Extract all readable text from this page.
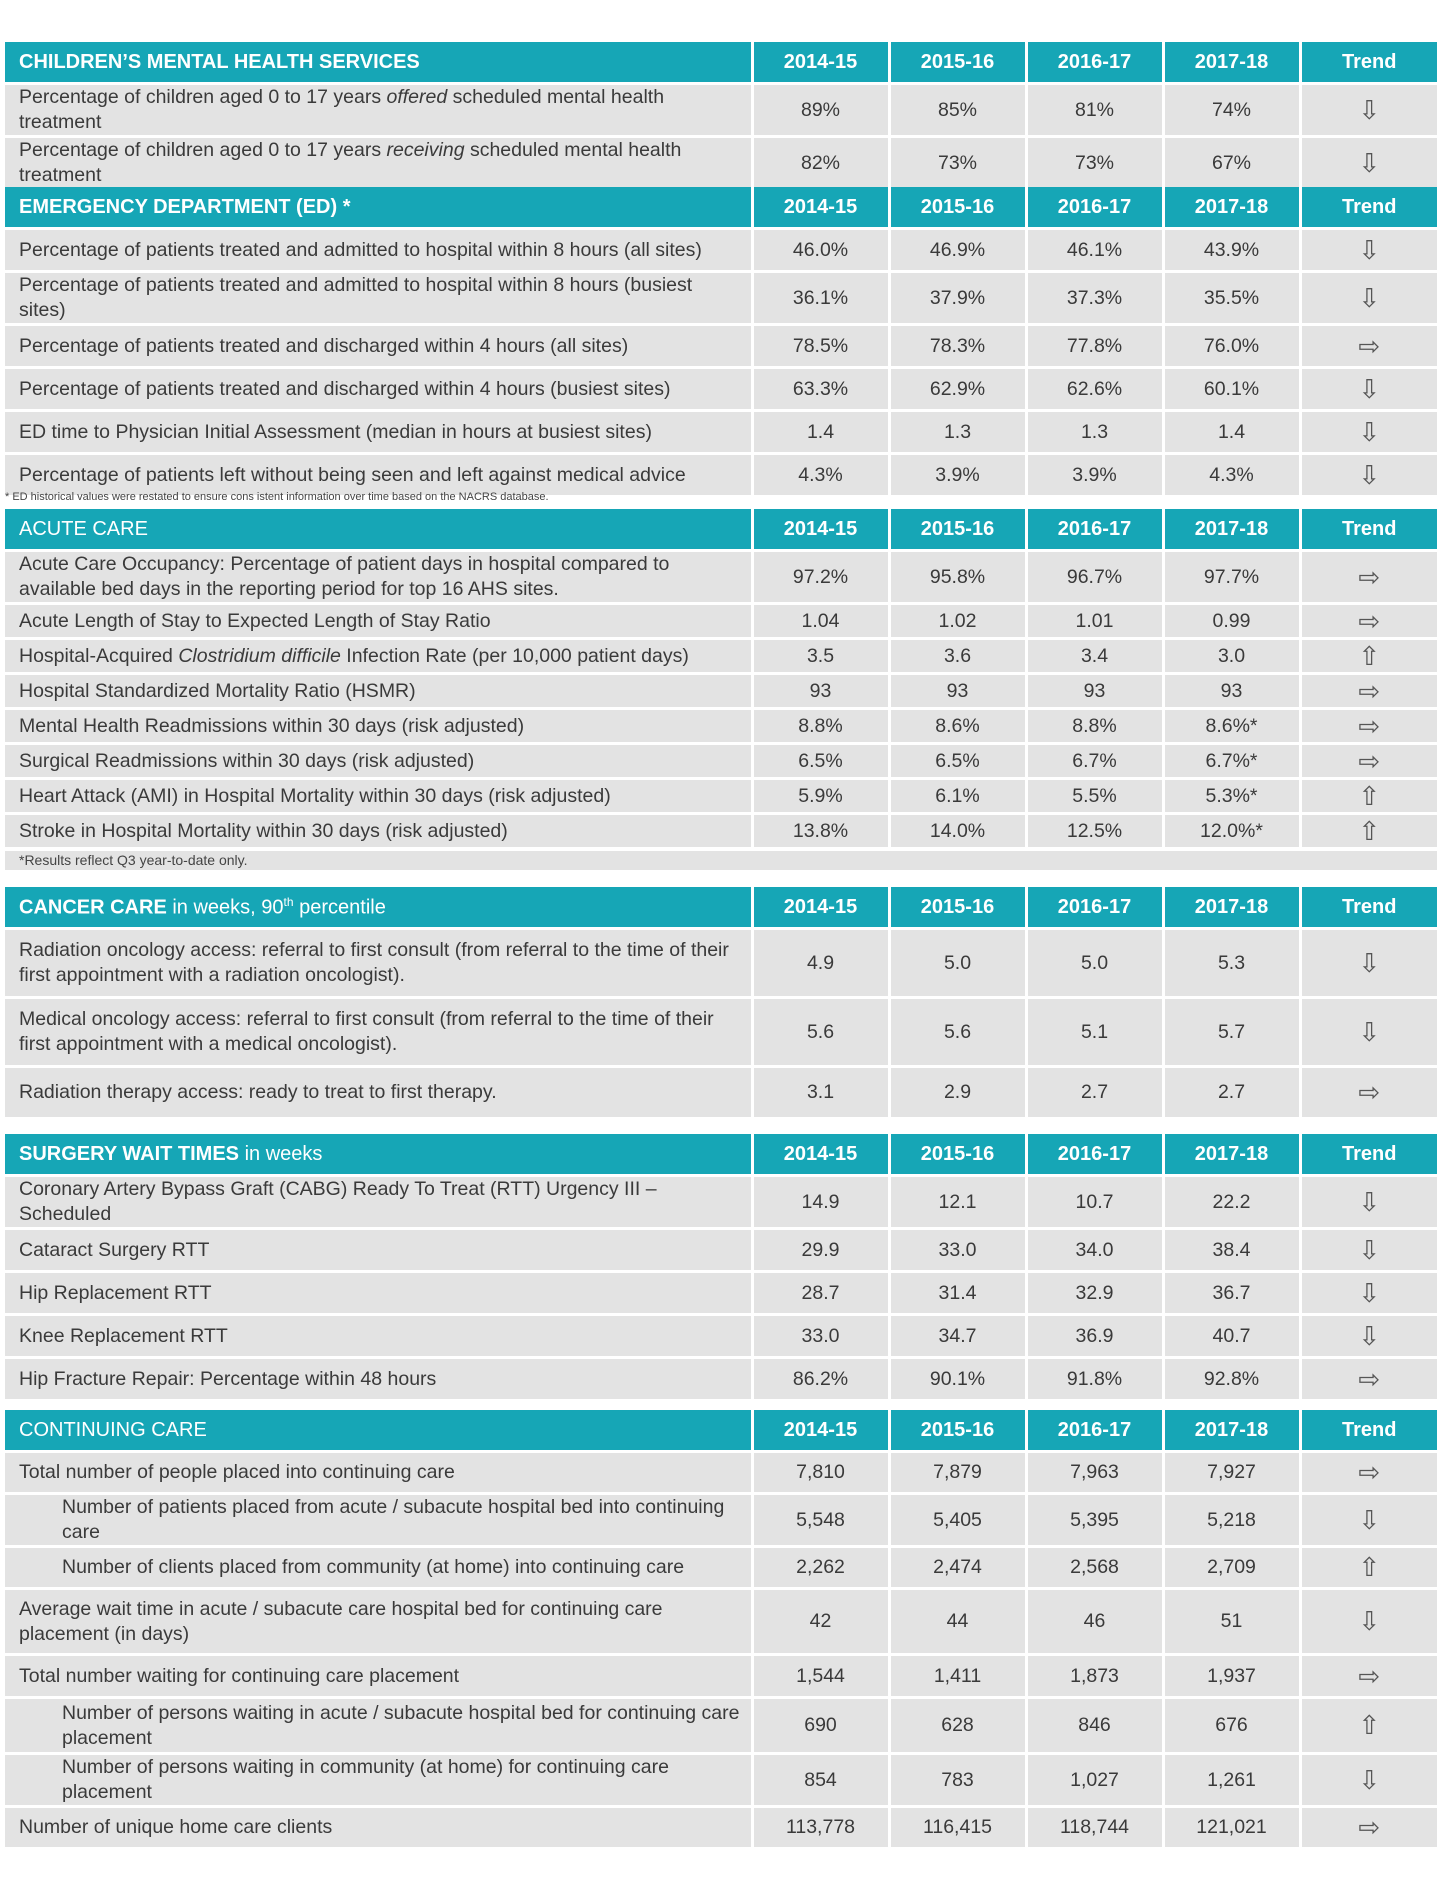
CHILDREN’S MENTAL HEALTH SERVICES	2014-15	2015-16	2016-17	2017-18	Trend
Percentage of children aged 0 to 17 years offered scheduled mental health treatment	89%	85%	81%	74%	⇩
Percentage of children aged 0 to 17 years receiving scheduled mental health treatment	82%	73%	73%	67%	⇩
EMERGENCY DEPARTMENT (ED) *	2014-15	2015-16	2016-17	2017-18	Trend
Percentage of patients treated and admitted to hospital within 8 hours (all sites)	46.0%	46.9%	46.1%	43.9%	⇩
Percentage of patients treated and admitted to hospital within 8 hours (busiest sites)	36.1%	37.9%	37.3%	35.5%	⇩
Percentage of patients treated and discharged within 4 hours (all sites)	78.5%	78.3%	77.8%	76.0%	⇨
Percentage of patients treated and discharged within 4 hours (busiest sites)	63.3%	62.9%	62.6%	60.1%	⇩
ED time to Physician Initial Assessment (median in hours at busiest sites)	1.4	1.3	1.3	1.4	⇩
Percentage of patients left without being seen and left against medical advice	4.3%	3.9%	3.9%	4.3%	⇩
* ED historical values were restated to ensure cons istent information over time based on the NACRS database.
ACUTE CARE	2014-15	2015-16	2016-17	2017-18	Trend
Acute Care Occupancy: Percentage of patient days in hospital compared to available bed days in the reporting period for top 16 AHS sites.	97.2%	95.8%	96.7%	97.7%	⇨
Acute Length of Stay to Expected Length of Stay Ratio	1.04	1.02	1.01	0.99	⇨
Hospital-Acquired Clostridium difficile Infection Rate (per 10,000 patient days)	3.5	3.6	3.4	3.0	⇧
Hospital Standardized Mortality Ratio (HSMR)	93	93	93	93	⇨
Mental Health Readmissions within 30 days (risk adjusted)	8.8%	8.6%	8.8%	8.6%*	⇨
Surgical Readmissions within 30 days (risk adjusted)	6.5%	6.5%	6.7%	6.7%*	⇨
Heart Attack (AMI) in Hospital Mortality within 30 days (risk adjusted)	5.9%	6.1%	5.5%	5.3%*	⇧
Stroke in Hospital Mortality within 30 days (risk adjusted)	13.8%	14.0%	12.5%	12.0%*	⇧
*Results reflect Q3 year-to-date only.
CANCER CARE in weeks, 90th percentile	2014-15	2015-16	2016-17	2017-18	Trend
Radiation oncology access: referral to first consult (from referral to the time of their first appointment with a radiation oncologist).	4.9	5.0	5.0	5.3	⇩
Medical oncology access: referral to first consult (from referral to the time of their first appointment with a medical oncologist).	5.6	5.6	5.1	5.7	⇩
Radiation therapy access: ready to treat to first therapy.	3.1	2.9	2.7	2.7	⇨
SURGERY WAIT TIMES in weeks	2014-15	2015-16	2016-17	2017-18	Trend
Coronary Artery Bypass Graft (CABG) Ready To Treat (RTT) Urgency III – Scheduled	14.9	12.1	10.7	22.2	⇩
Cataract Surgery RTT	29.9	33.0	34.0	38.4	⇩
Hip Replacement RTT	28.7	31.4	32.9	36.7	⇩
Knee Replacement RTT	33.0	34.7	36.9	40.7	⇩
Hip Fracture Repair: Percentage within 48 hours	86.2%	90.1%	91.8%	92.8%	⇨
CONTINUING CARE	2014-15	2015-16	2016-17	2017-18	Trend
Total number of people placed into continuing care	7,810	7,879	7,963	7,927	⇨
Number of patients placed from acute / subacute hospital bed into continuing care	5,548	5,405	5,395	5,218	⇩
Number of clients placed from community (at home) into continuing care	2,262	2,474	2,568	2,709	⇧
Average wait time in acute / subacute care hospital bed for continuing care placement (in days)	42	44	46	51	⇩
Total number waiting for continuing care placement	1,544	1,411	1,873	1,937	⇨
Number of persons waiting in acute / subacute hospital bed for continuing care placement	690	628	846	676	⇧
Number of persons waiting in community (at home) for continuing care placement	854	783	1,027	1,261	⇩
Number of unique home care clients	113,778	116,415	118,744	121,021	⇨
